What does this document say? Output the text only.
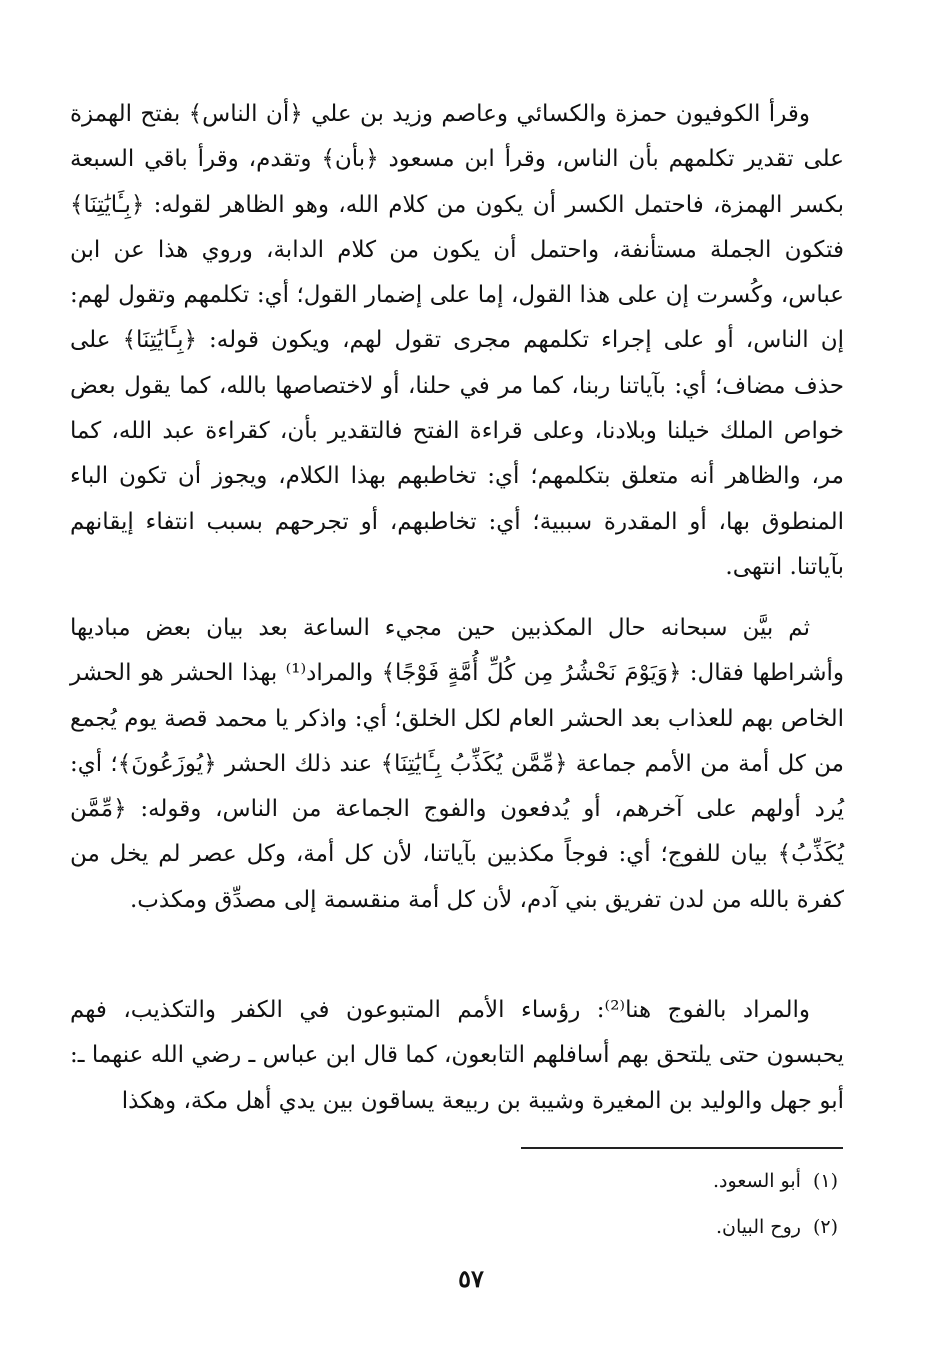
وقرأ الكوفيون حمزة والكسائي وعاصم وزيد بن علي ﴿أن الناس﴾ بفتح الهمزة على تقدير تكلمهم بأن الناس، وقرأ ابن مسعود ﴿بأن﴾ وتقدم، وقرأ باقي السبعة بكسر الهمزة، فاحتمل الكسر أن يكون من كلام الله، وهو الظاهر لقوله: ﴿بِـَٔايَٰتِنَا﴾ فتكون الجملة مستأنفة، واحتمل أن يكون من كلام الدابة، وروي هذا عن ابن عباس، وكُسرت إن على هذا القول، إما على إضمار القول؛ أي: تكلمهم وتقول لهم: إن الناس، أو على إجراء تكلمهم مجرى تقول لهم، ويكون قوله: ﴿بِـَٔايَٰتِنَا﴾ على حذف مضاف؛ أي: بآياتنا ربنا، كما مر في حلنا، أو لاختصاصها بالله، كما يقول بعض خواص الملك خيلنا وبلادنا، وعلى قراءة الفتح فالتقدير بأن، كقراءة عبد الله، كما مر، والظاهر أنه متعلق بتكلمهم؛ أي: تخاطبهم بهذا الكلام، ويجوز أن تكون الباء المنطوق بها، أو المقدرة سببية؛ أي: تخاطبهم، أو تجرحهم بسبب انتفاء إيقانهم بآياتنا. انتهى.

ثم بيَّن سبحانه حال المكذبين حين مجيء الساعة بعد بيان بعض مباديها وأشراطها فقال: ﴿وَيَوْمَ نَحْشُرُ مِن كُلِّ أُمَّةٍ فَوْجًا﴾ والمراد⁽¹⁾ بهذا الحشر هو الحشر الخاص بهم للعذاب بعد الحشر العام لكل الخلق؛ أي: واذكر يا محمد قصة يوم يُجمع من كل أمة من الأمم جماعة ﴿مِّمَّن يُكَذِّبُ بِـَٔايَٰتِنَا﴾ عند ذلك الحشر ﴿يُوزَعُونَ﴾؛ أي: يُرد أولهم على آخرهم، أو يُدفعون والفوج الجماعة من الناس، وقوله: ﴿مِّمَّن يُكَذِّبُ﴾ بيان للفوج؛ أي: فوجاً مكذبين بآياتنا، لأن كل أمة، وكل عصر لم يخل من كفرة بالله من لدن تفريق بني آدم، لأن كل أمة منقسمة إلى مصدِّق ومكذب.

والمراد بالفوج هنا⁽²⁾: رؤساء الأمم المتبوعون في الكفر والتكذيب، فهم يحبسون حتى يلتحق بهم أسافلهم التابعون، كما قال ابن عباس ـ رضي الله عنهما ـ: أبو جهل والوليد بن المغيرة وشيبة بن ربيعة يساقون بين يدي أهل مكة، وهكذا

(١)أبو السعود.

(٢)روح البيان.

٥٧
